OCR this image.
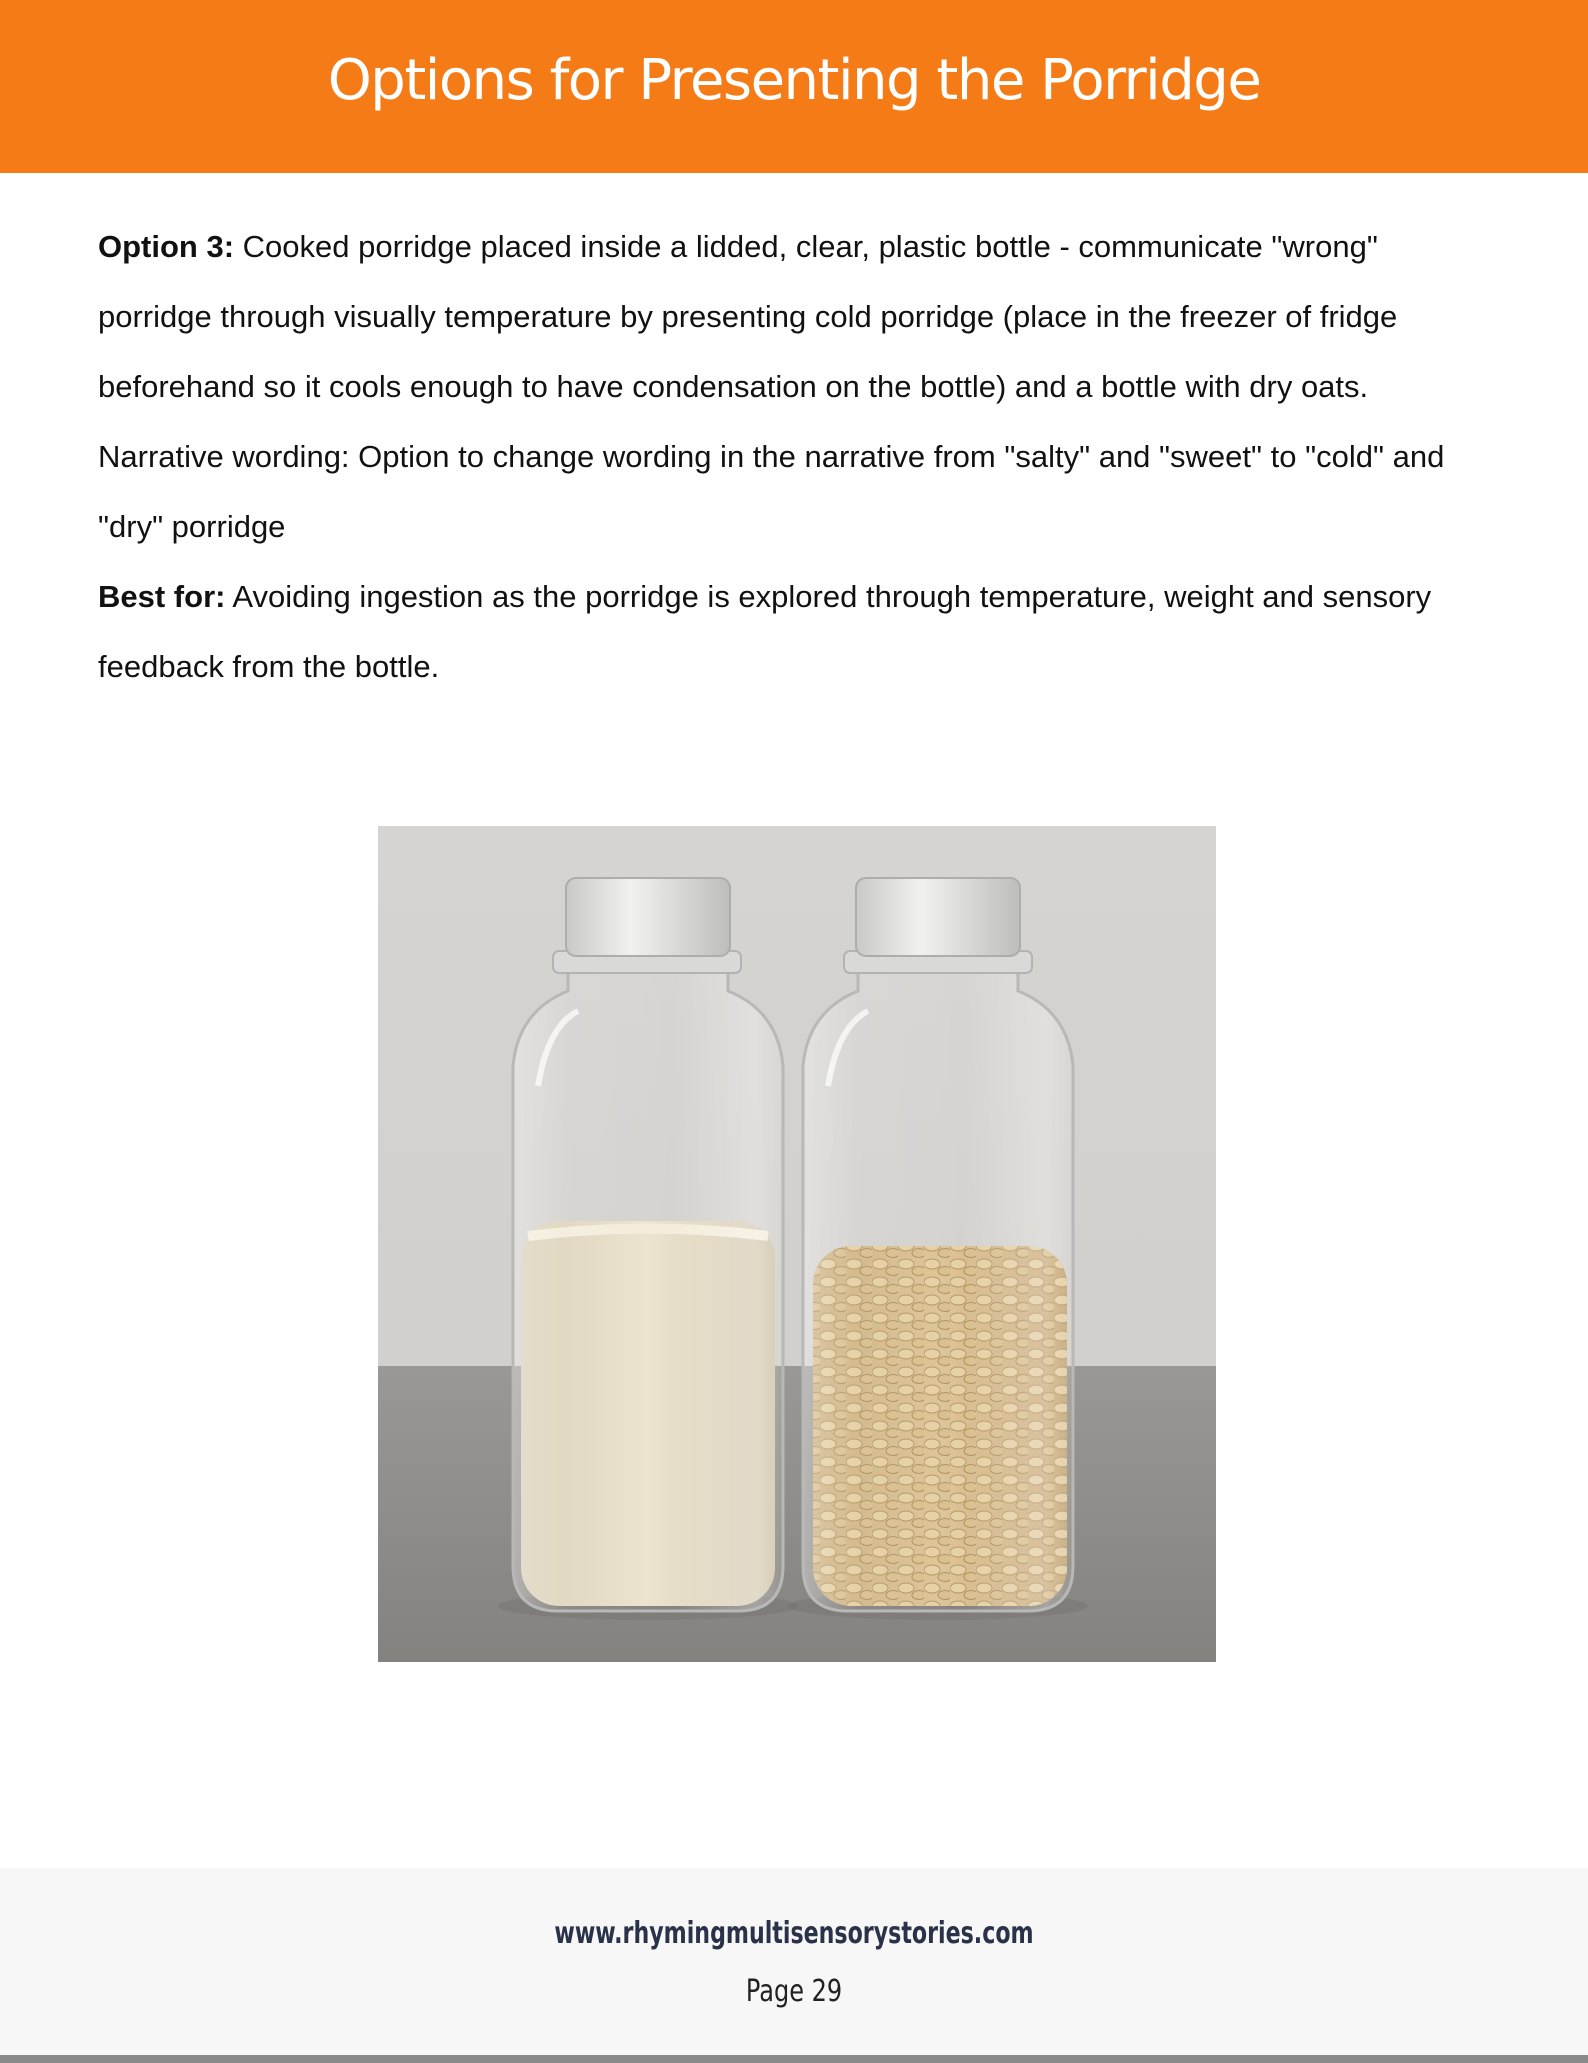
Options for Presenting the Porridge

Option 3: Cooked porridge placed inside a lidded, clear, plastic bottle - communicate "wrong" porridge through visually temperature by presenting cold porridge (place in the freezer of fridge beforehand so it cools enough to have condensation on the bottle) and a bottle with dry oats.

Narrative wording: Option to change wording in the narrative from "salty" and "sweet" to "cold" and "dry" porridge

Best for: Avoiding ingestion as the porridge is explored through temperature, weight and sensory feedback from the bottle.

www.rhymingmultisensorystories.com
Page 29
